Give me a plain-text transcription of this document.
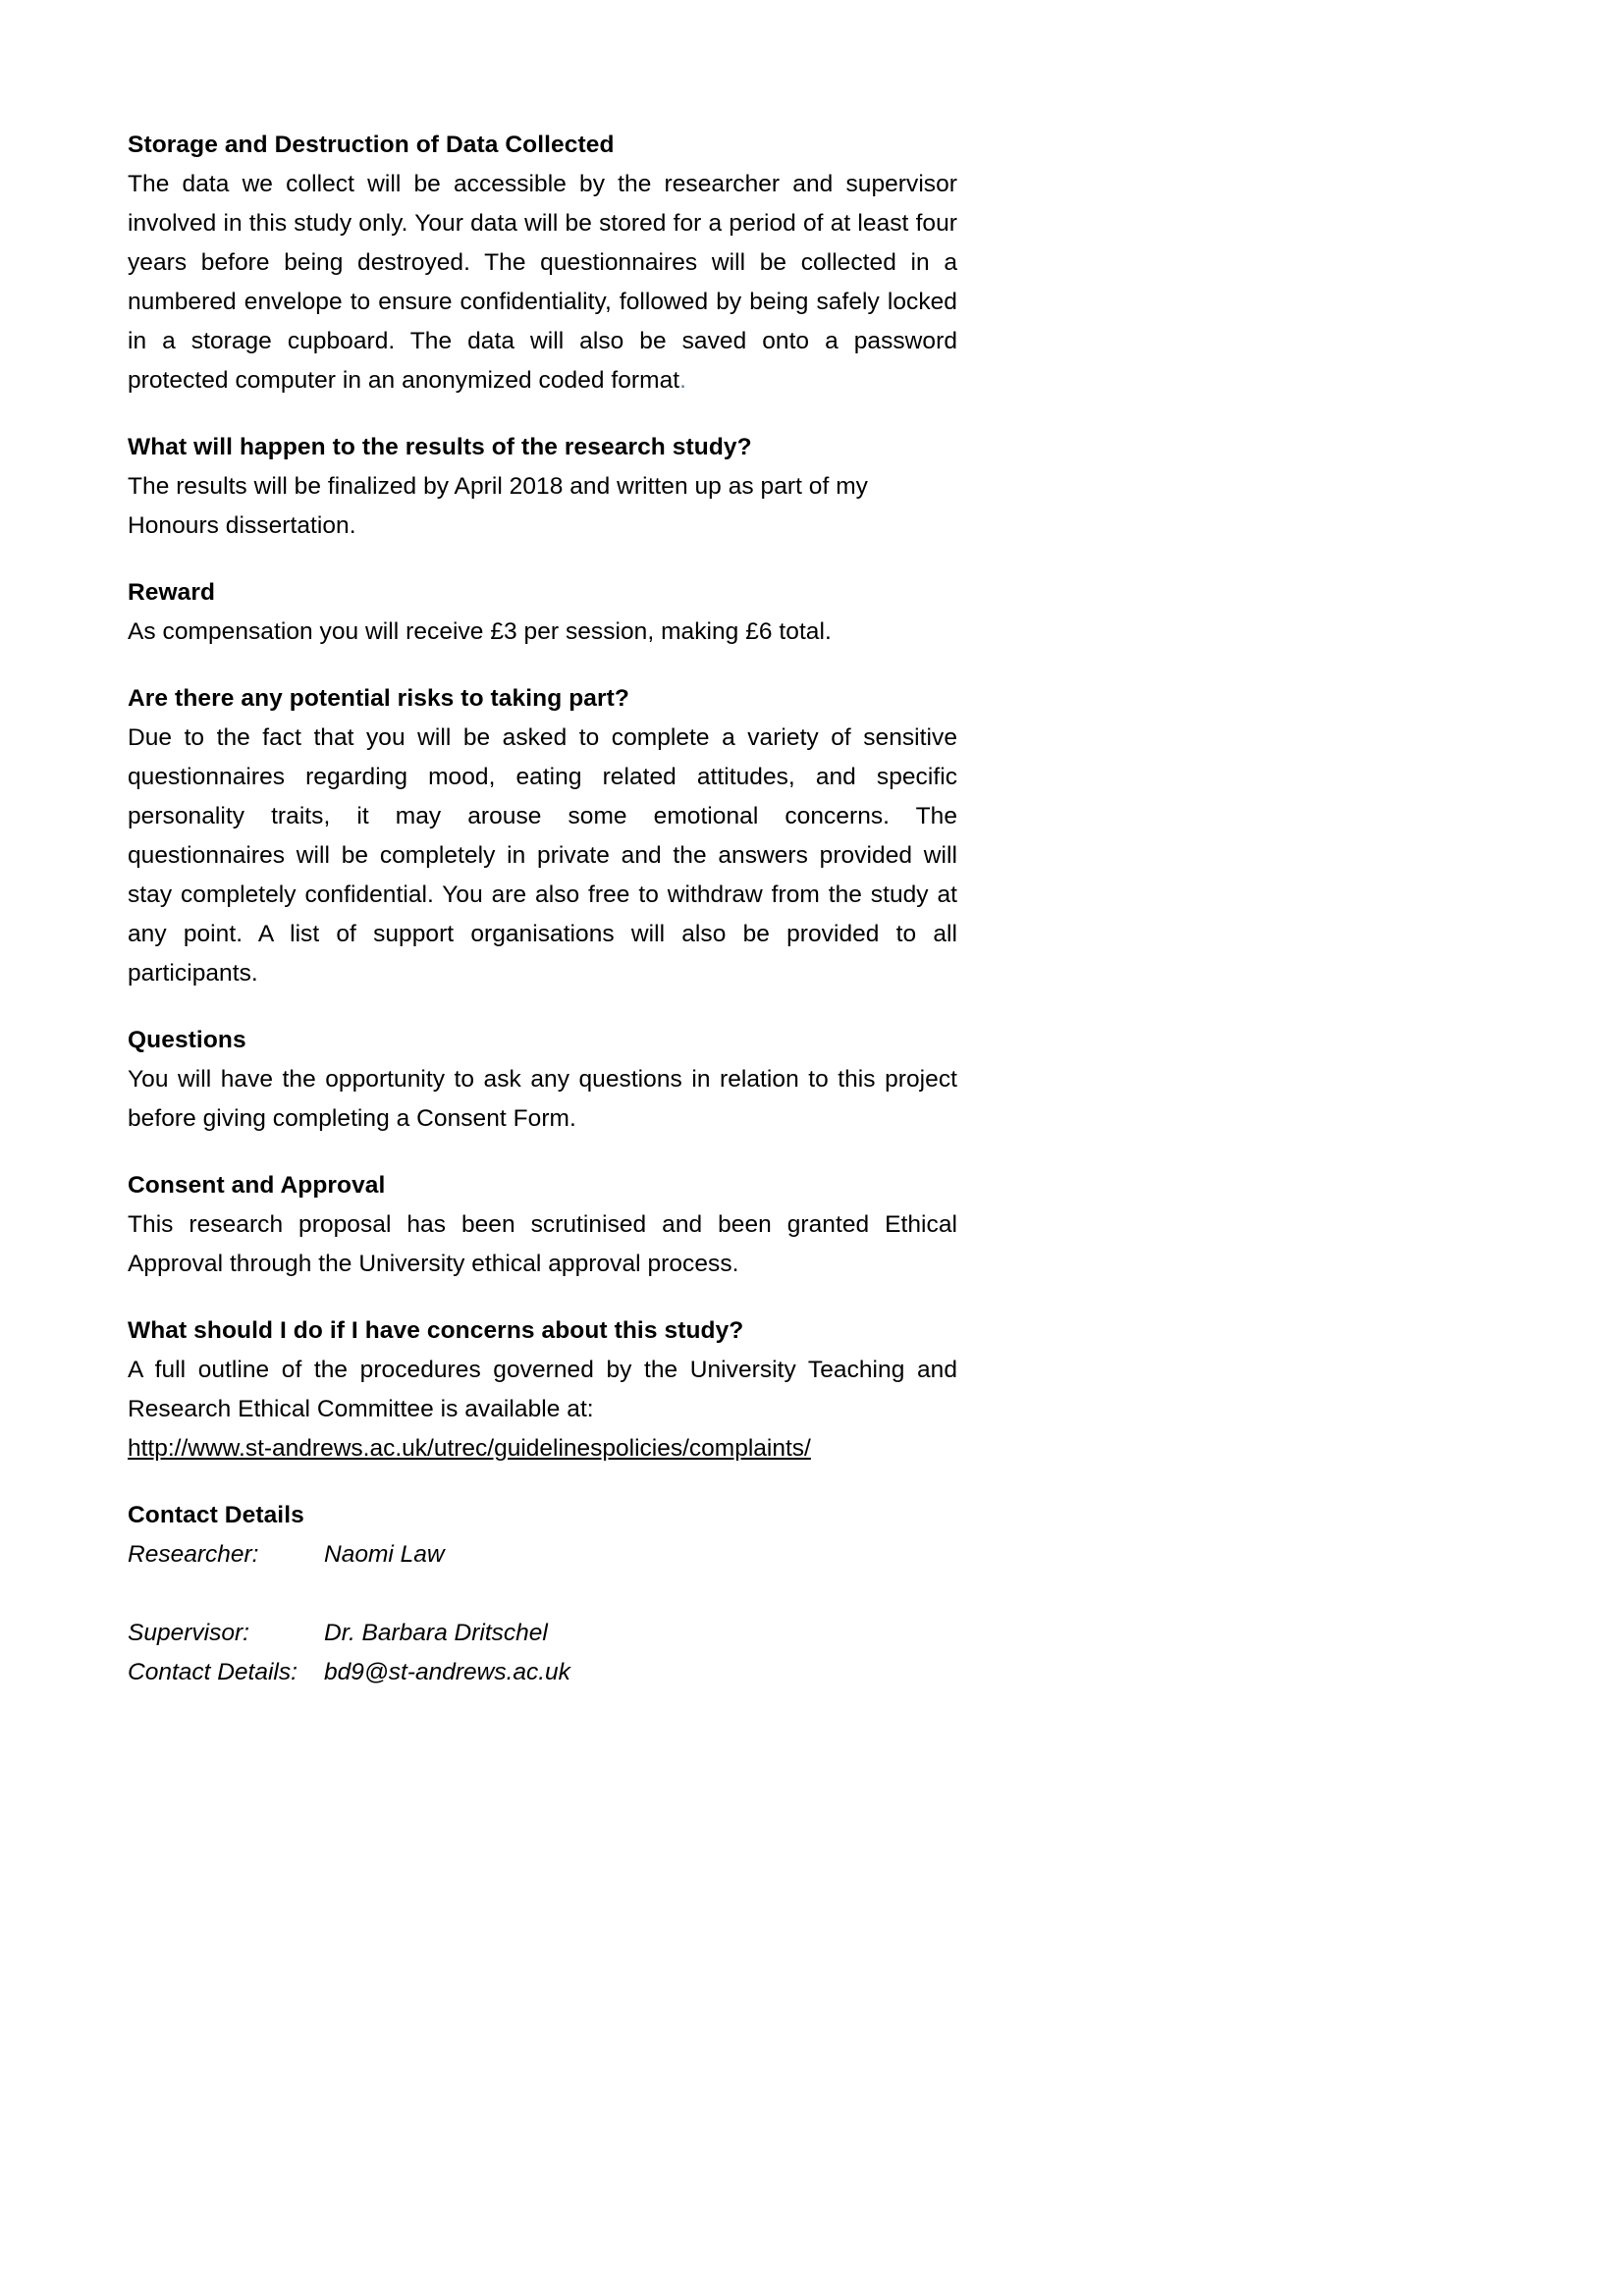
Storage and Destruction of Data Collected
The data we collect will be accessible by the researcher and supervisor involved in this study only. Your data will be stored for a period of at least four years before being destroyed. The questionnaires will be collected in a numbered envelope to ensure confidentiality, followed by being safely locked in a storage cupboard. The data will also be saved onto a password protected computer in an anonymized coded format.
What will happen to the results of the research study?
The results will be finalized by April 2018 and written up as part of my Honours dissertation.
Reward
As compensation you will receive £3 per session, making £6 total.
Are there any potential risks to taking part?
Due to the fact that you will be asked to complete a variety of sensitive questionnaires regarding mood, eating related attitudes, and specific personality traits, it may arouse some emotional concerns. The questionnaires will be completely in private and the answers provided will stay completely confidential. You are also free to withdraw from the study at any point. A list of support organisations will also be provided to all participants.
Questions
You will have the opportunity to ask any questions in relation to this project before giving completing a Consent Form.
Consent and Approval
This research proposal has been scrutinised and been granted Ethical Approval through the University ethical approval process.
What should I do if I have concerns about this study?
A full outline of the procedures governed by the University Teaching and Research Ethical Committee is available at:
http://www.st-andrews.ac.uk/utrec/guidelinespolicies/complaints/
Contact Details
Researcher:	Naomi Law
Supervisor:	Dr. Barbara Dritschel
Contact Details: bd9@st-andrews.ac.uk
